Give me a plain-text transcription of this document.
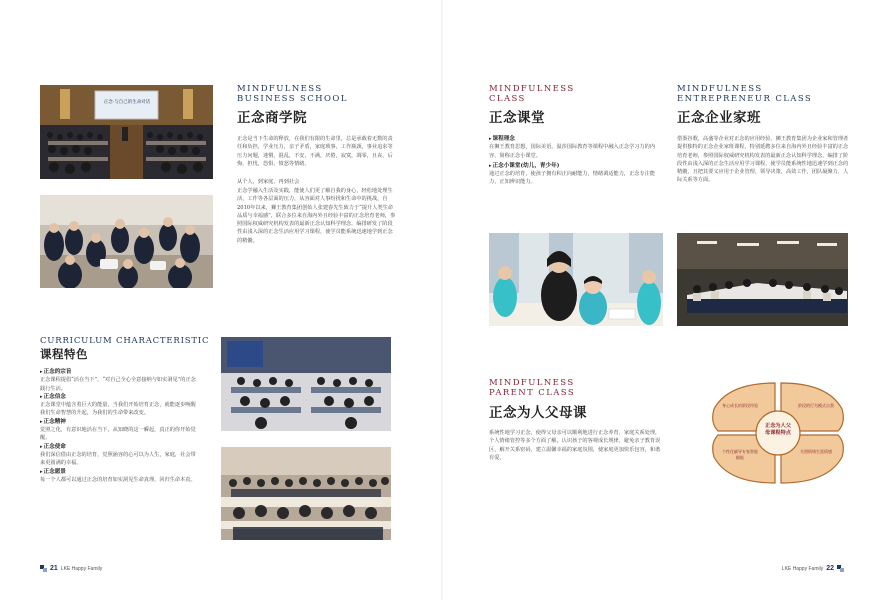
正念·与自己的生命对话
MINDFULNESS
BUSINESS SCHOOL
正念商学院
正念是当下生命的释放，在我们有限的生命里，总是承载着无数的责任和负担，学业压力，亲子矛盾，家庭琐事，工作瓶颈，事业追求等压力问题，迷惘，混乱，不安，不满，厌倦，寂寞，凋零，且丧，后悔，担忧，恐惧，愤怒等情绪。
从个人，到家庭，再到社会
正念学融入生活及实践，能使人们更了解自我的身心，轻松地处理生活，工作等各层面的压力，从容面对人事纷扰和生命中的挑战，自2010年以来，狮王教育集团创始人张建春先生致力于“提升人类生命品质与幸福感”，联合多位来自海内外且经验丰富的正念培育老师，参照国际权威研究机构发表的最新正念认知科学理念，编排研发了阶段性由浅入深的正念生活应用学习课程，使学员能系统迅速地学到正念的精髓。
CURRICULUM CHARACTERISTIC
课程特色
▸ 正念的宗旨
正念课程提倡“活在当下”，“对自己全心全意接纳与如实洞见”的正念践行生活。
▸ 正念信念
正念课堂中蕴含着巨大的能量，当我们开始培育正念，就能逐步唤醒我们生命智慧的升起，为我们的生命带来改变。
▸ 正念精神
觉照之化，有意识地活在当下，从知晓的这一瞬起，真正的你开始觉醒。
▸ 正念使命
我们深信借由正念的培育，觉照涵容的心可以为人生，家庭，社会带来更圆满的幸福。
▸ 正念愿景
每一个人都可以通过正念的培育如实洞见生命真理，回归生命本真。
21 LKE Happy Family
MINDFULNESS
CLASS
正念课堂
▸ 课程理念
在狮王教育思想，国际美语，温莎国际教育等课程中融入正念学习力的内容，简称正念小课堂。
▸ 正念小课堂(幼儿，青少年)
通过正念的培育，使孩子拥有积正向耐能力，情绪调适能力，正念专注能力，正知辨识能力。
MINDFULNESS
ENTREPRENEUR CLASS
正念企业家班
借鉴谷歌，高盛等企业对正念的应用经验，狮王教育集团为企业家和管理者提供独特的正念企业家班课程，特别延聘多位来自海内外且经验丰富的正念培育老师，参照国际权威研究机构发表的最新正念认知科学理念，编排了阶段性由浅入深的正念生活应用学习课程，使学员能系统性地迅速学到正念的精髓，且把其要义应用于企业管理，领导决策，高效工作，团队凝聚力，人际关系等方面。
MINDFULNESS
PARENT CLASS
正念为人父母课
系统性地学习正念，使得父母亲可以顺利地进行正念养育，家庭关系处理，个人情绪管控等多个方面了解，认识孩子的客观成长规律，避免亲子教育误区，解开关系密码，建立温馨幸福的家庭氛围，使家庭更加快乐包容，和谐有爱。
正念为人父母课程特点
身心成长的阶段经验	阶段的行为模式自我
个性化辅导专家智能赋能
关照情绪生涯情感
LKE Happy Family 22
